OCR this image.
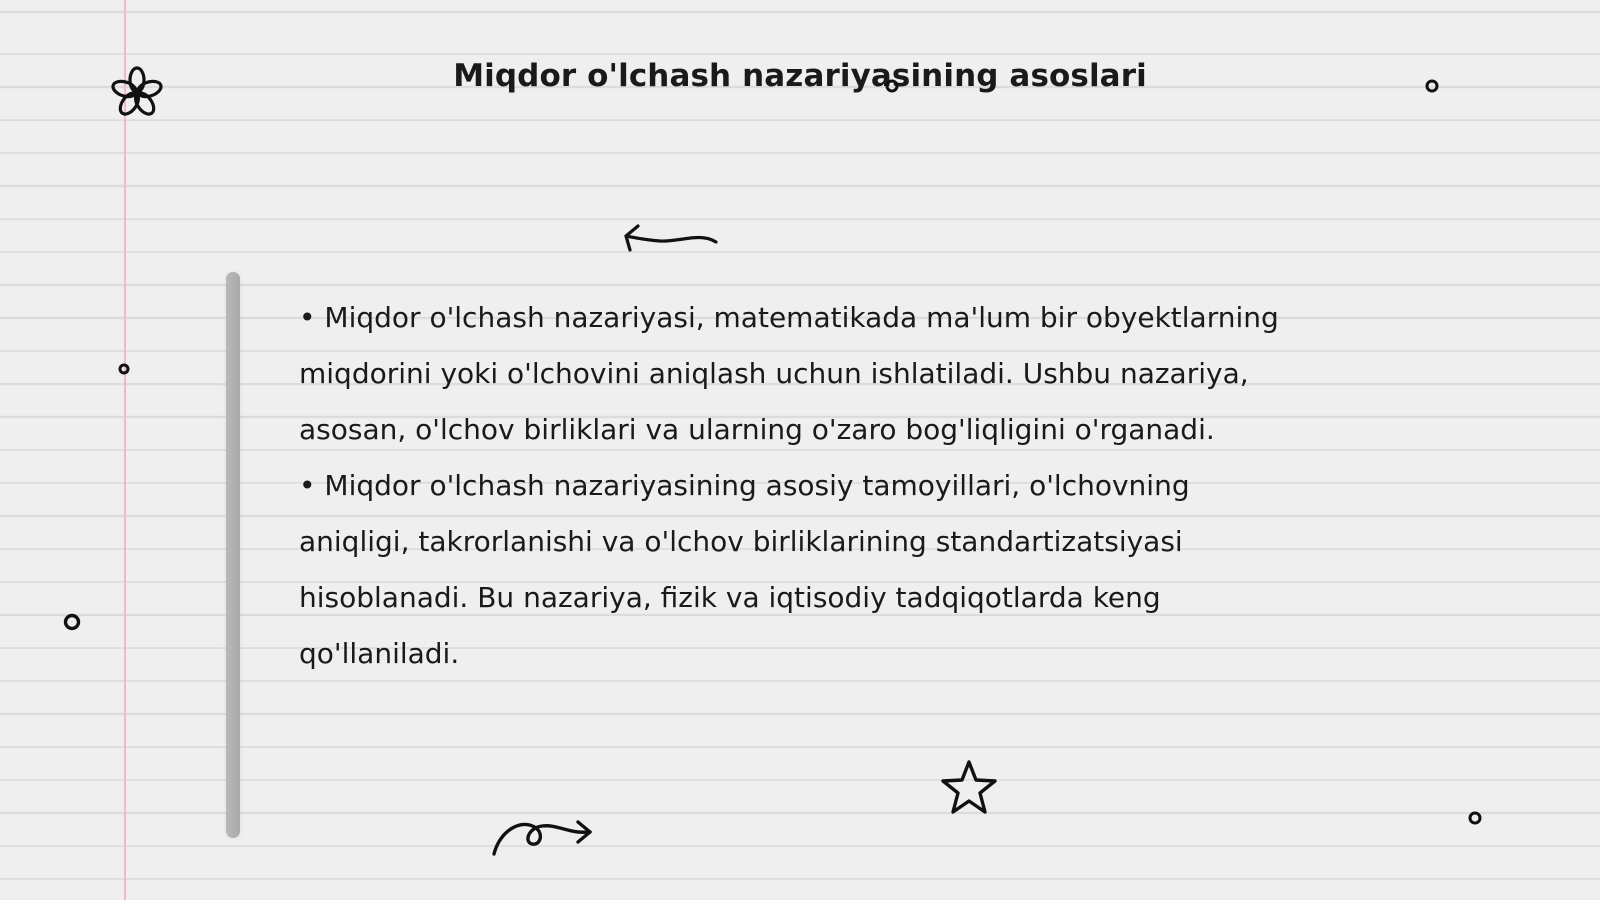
Miqdor o'lchash nazariyasining asoslari

• Miqdor o'lchash nazariyasi, matematikada ma'lum bir obyektlarning miqdorini yoki o'lchovini aniqlash uchun ishlatiladi. Ushbu nazariya, asosan, o'lchov birliklari va ularning o'zaro bog'liqligini o'rganadi.

• Miqdor o'lchash nazariyasining asosiy tamoyillari, o'lchovning aniqligi, takrorlanishi va o'lchov birliklarining standartizatsiyasi hisoblanadi. Bu nazariya, fizik va iqtisodiy tadqiqotlarda keng qo'llaniladi.
